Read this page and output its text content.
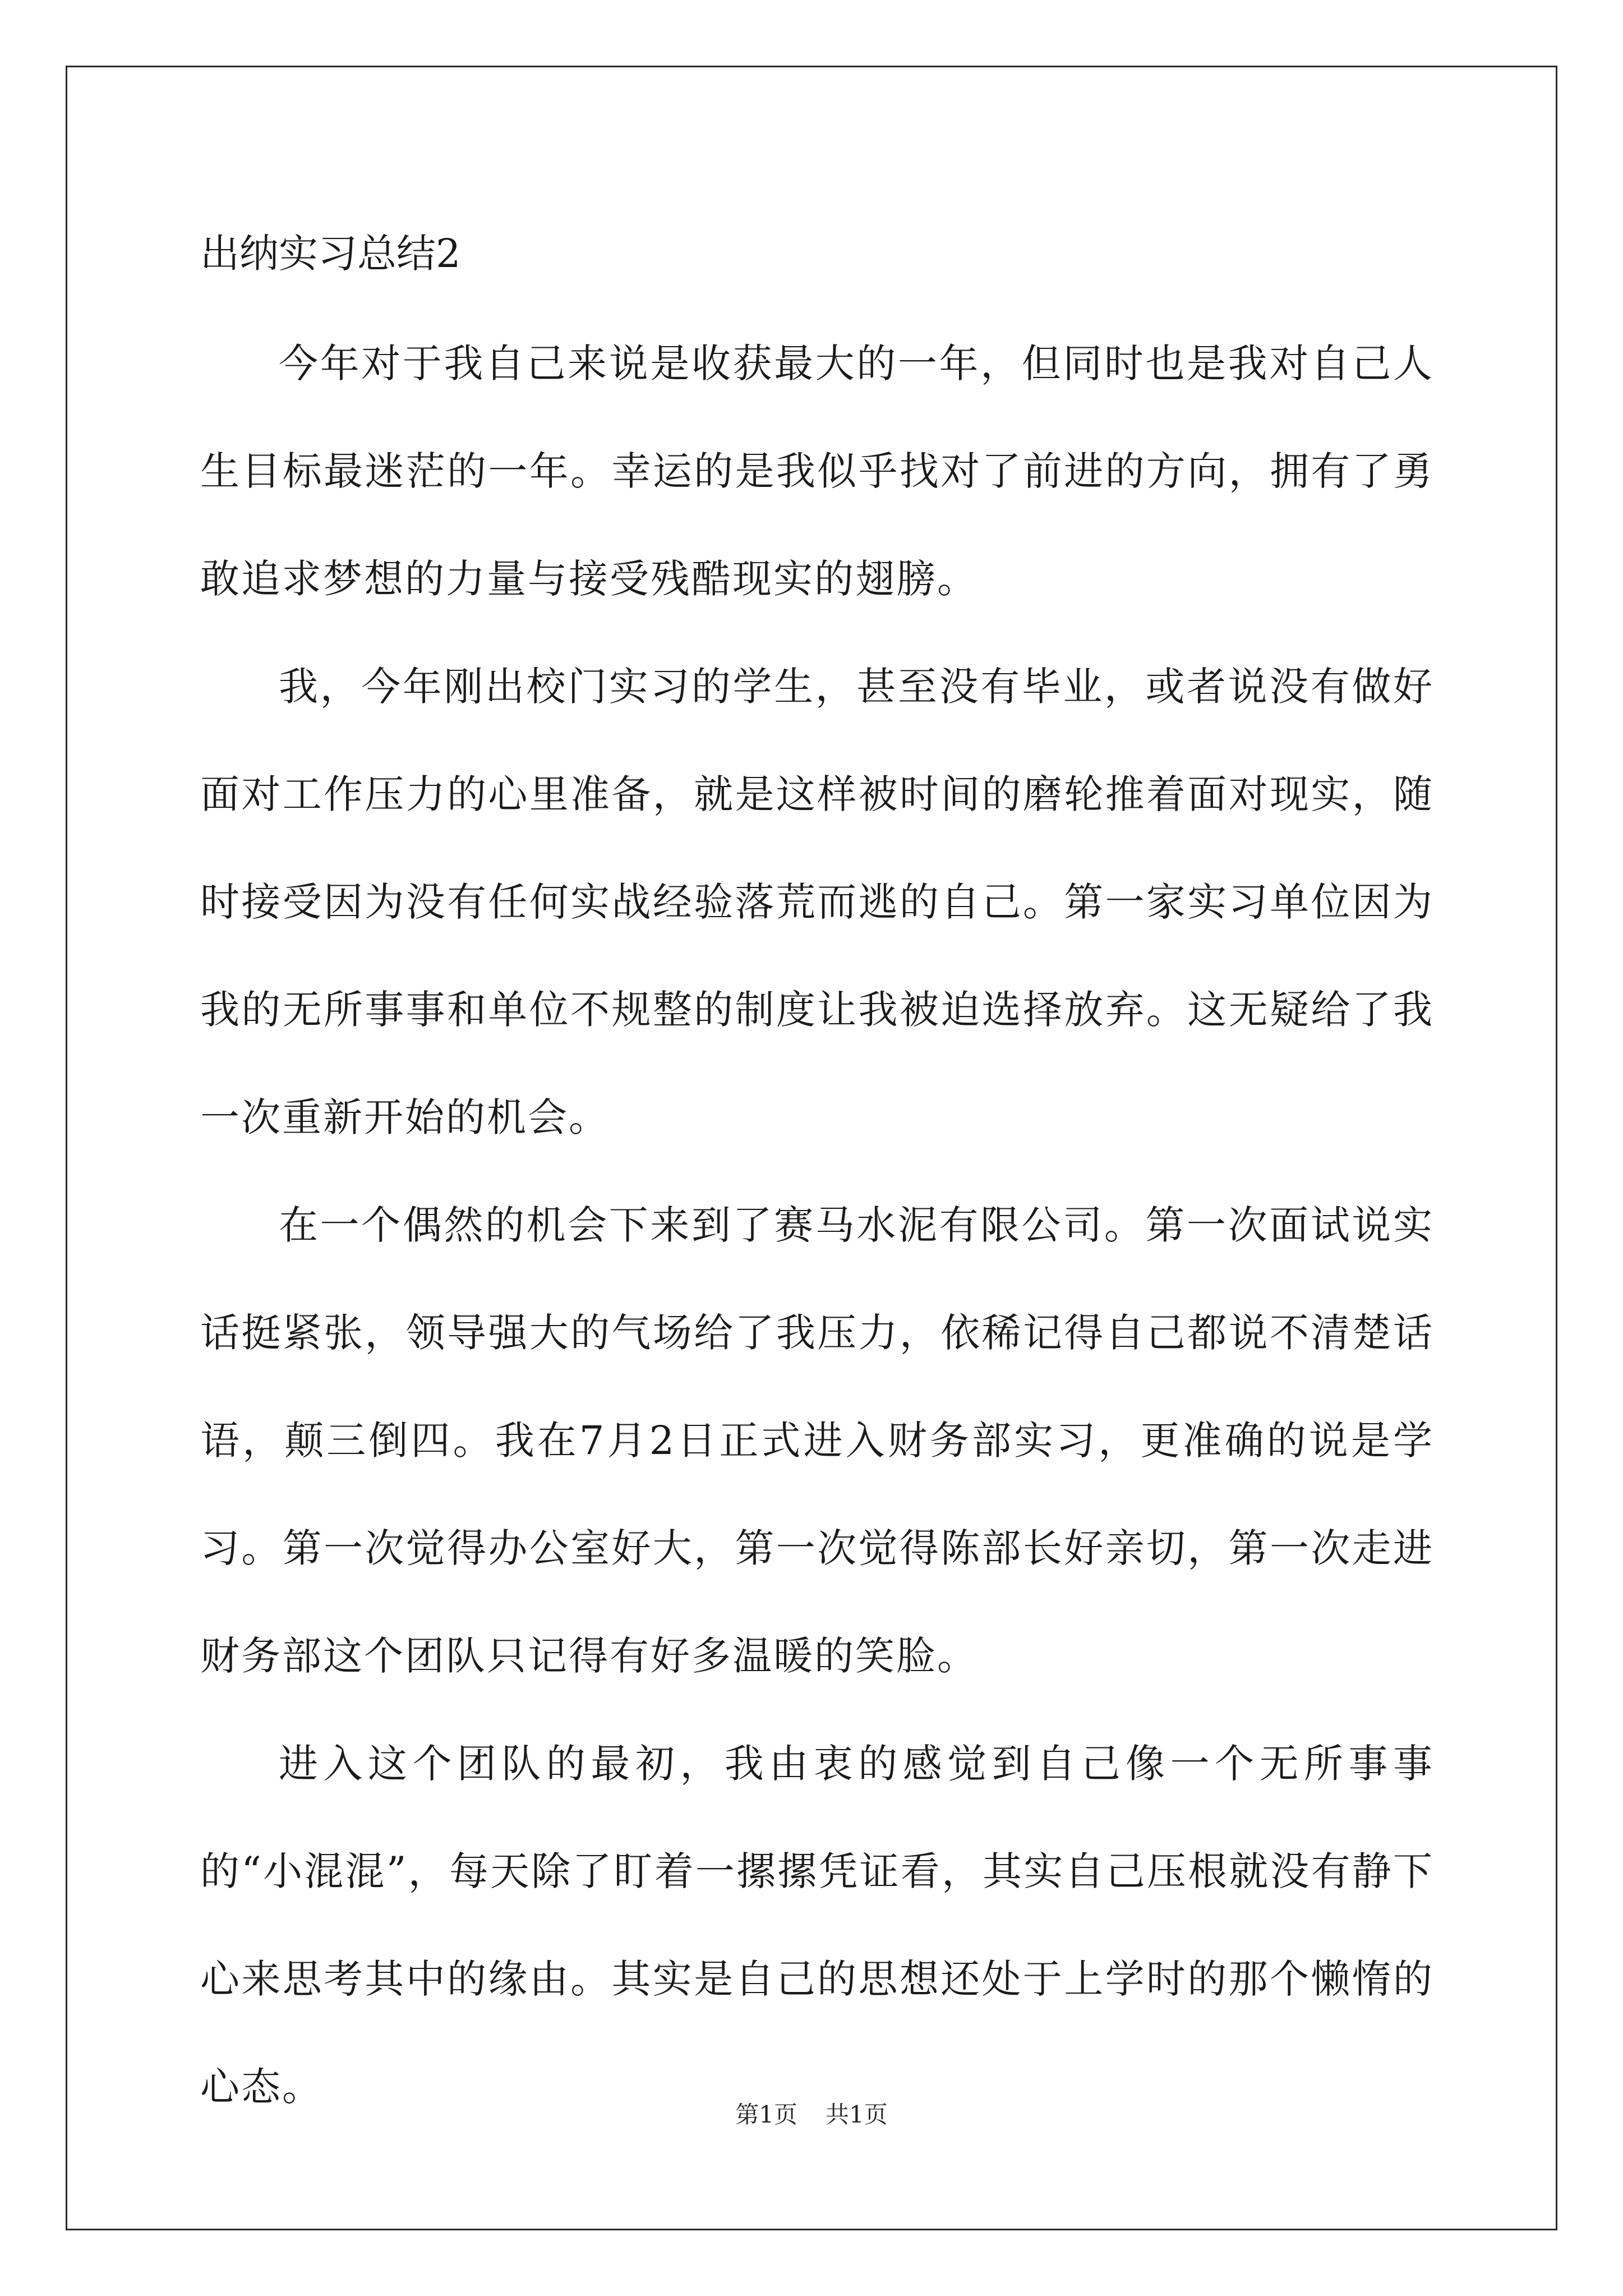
出纳实习总结2

今年对于我自己来说是收获最大的一年，但同时也是我对自己人生目标最迷茫的一年。幸运的是我似乎找对了前进的方向，拥有了勇敢追求梦想的力量与接受残酷现实的翅膀。

我，今年刚出校门实习的学生，甚至没有毕业，或者说没有做好面对工作压力的心里准备，就是这样被时间的磨轮推着面对现实，随时接受因为没有任何实战经验落荒而逃的自己。第一家实习单位因为我的无所事事和单位不规整的制度让我被迫选择放弃。这无疑给了我一次重新开始的机会。

在一个偶然的机会下来到了赛马水泥有限公司。第一次面试说实话挺紧张，领导强大的气场给了我压力，依稀记得自己都说不清楚话语，颠三倒四。我在7月2日正式进入财务部实习，更准确的说是学习。第一次觉得办公室好大，第一次觉得陈部长好亲切，第一次走进财务部这个团队只记得有好多温暖的笑脸。

进入这个团队的最初，我由衷的感觉到自己像一个无所事事的“小混混”，每天除了盯着一摞摞凭证看，其实自己压根就没有静下心来思考其中的缘由。其实是自己的思想还处于上学时的那个懒惰的心态。

第1页 共1页
